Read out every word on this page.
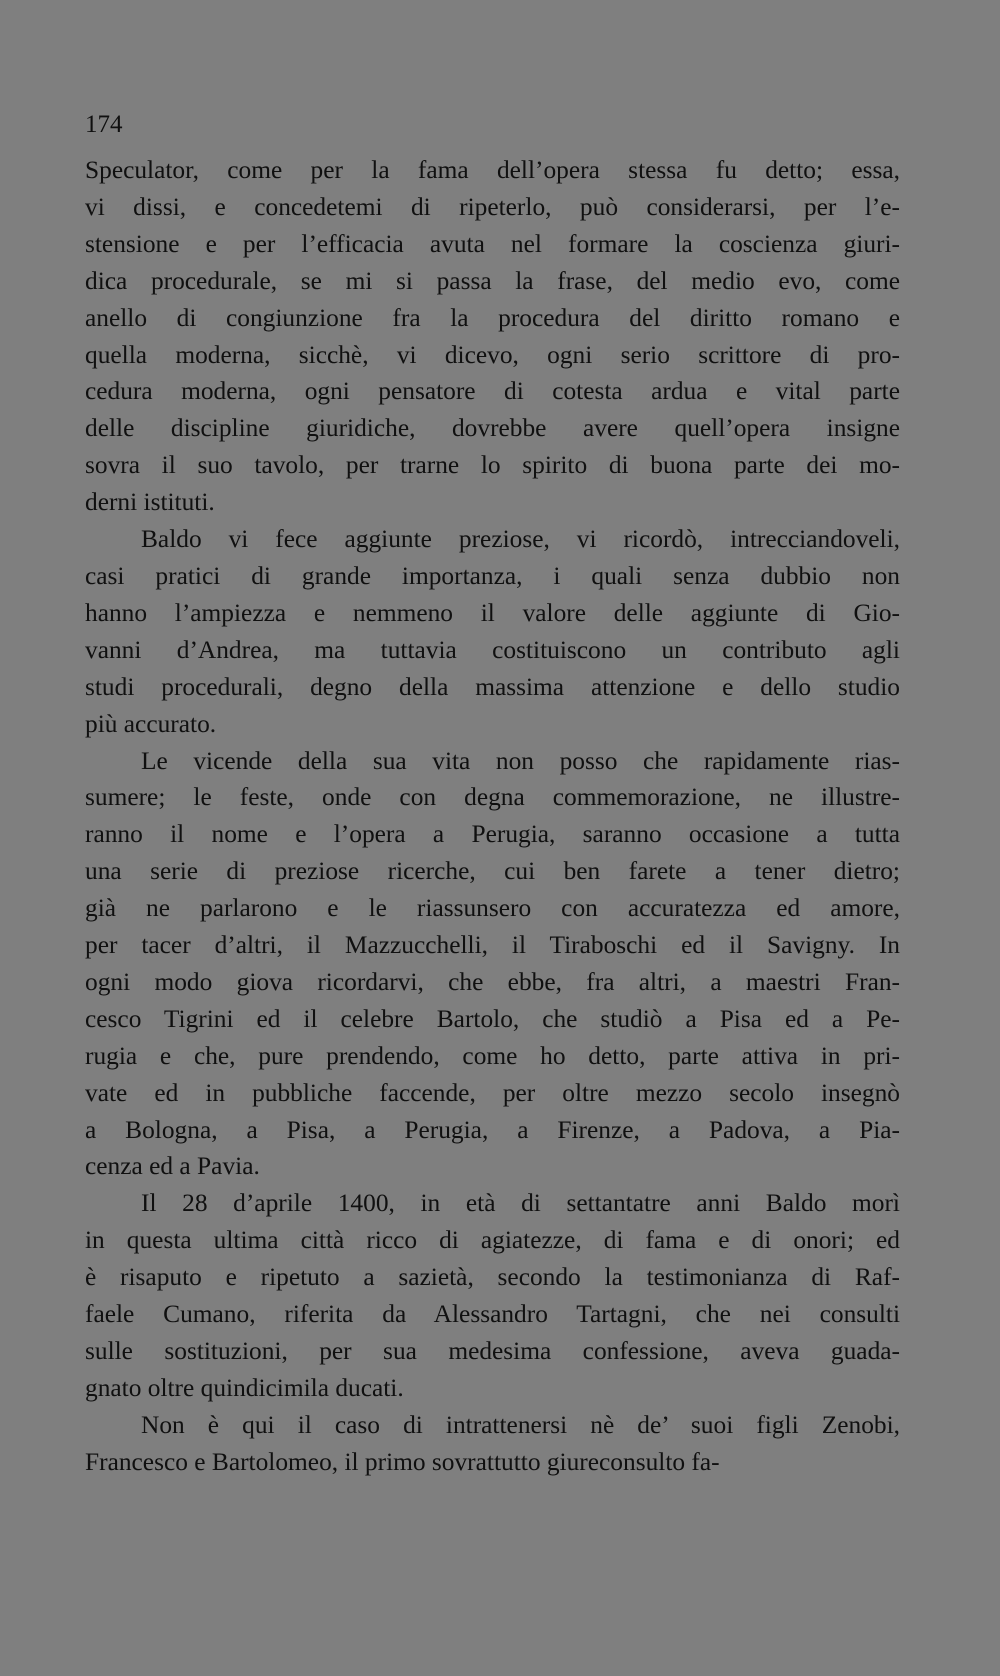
174

Speculator, come per la fama dell’opera stessa fu detto; essa,
vi dissi, e concedetemi di ripeterlo, può considerarsi, per l’e-
stensione e per l’efficacia avuta nel formare la coscienza giuri-
dica procedurale, se mi si passa la frase, del medio evo, come
anello di congiunzione fra la procedura del diritto romano e
quella moderna, sicchè, vi dicevo, ogni serio scrittore di pro-
cedura moderna, ogni pensatore di cotesta ardua e vital parte
delle discipline giuridiche, dovrebbe avere quell’opera insigne
sovra il suo tavolo, per trarne lo spirito di buona parte dei mo-
derni istituti.
Baldo vi fece aggiunte preziose, vi ricordò, intrecciandoveli,
casi pratici di grande importanza, i quali senza dubbio non
hanno l’ampiezza e nemmeno il valore delle aggiunte di Gio-
vanni d’Andrea, ma tuttavia costituiscono un contributo agli
studi procedurali, degno della massima attenzione e dello studio
più accurato.
Le vicende della sua vita non posso che rapidamente rias-
sumere; le feste, onde con degna commemorazione, ne illustre-
ranno il nome e l’opera a Perugia, saranno occasione a tutta
una serie di preziose ricerche, cui ben farete a tener dietro;
già ne parlarono e le riassunsero con accuratezza ed amore,
per tacer d’altri, il Mazzucchelli, il Tiraboschi ed il Savigny. In
ogni modo giova ricordarvi, che ebbe, fra altri, a maestri Fran-
cesco Tigrini ed il celebre Bartolo, che studiò a Pisa ed a Pe-
rugia e che, pure prendendo, come ho detto, parte attiva in pri-
vate ed in pubbliche faccende, per oltre mezzo secolo insegnò
a Bologna, a Pisa, a Perugia, a Firenze, a Padova, a Pia-
cenza ed a Pavia.
Il 28 d’aprile 1400, in età di settantatre anni Baldo morì
in questa ultima città ricco di agiatezze, di fama e di onori; ed
è risaputo e ripetuto a sazietà, secondo la testimonianza di Raf-
faele Cumano, riferita da Alessandro Tartagni, che nei consulti
sulle sostituzioni, per sua medesima confessione, aveva guada-
gnato oltre quindicimila ducati.
Non è qui il caso di intrattenersi nè de’ suoi figli Zenobi,
Francesco e Bartolomeo, il primo sovrattutto giureconsulto fa-
